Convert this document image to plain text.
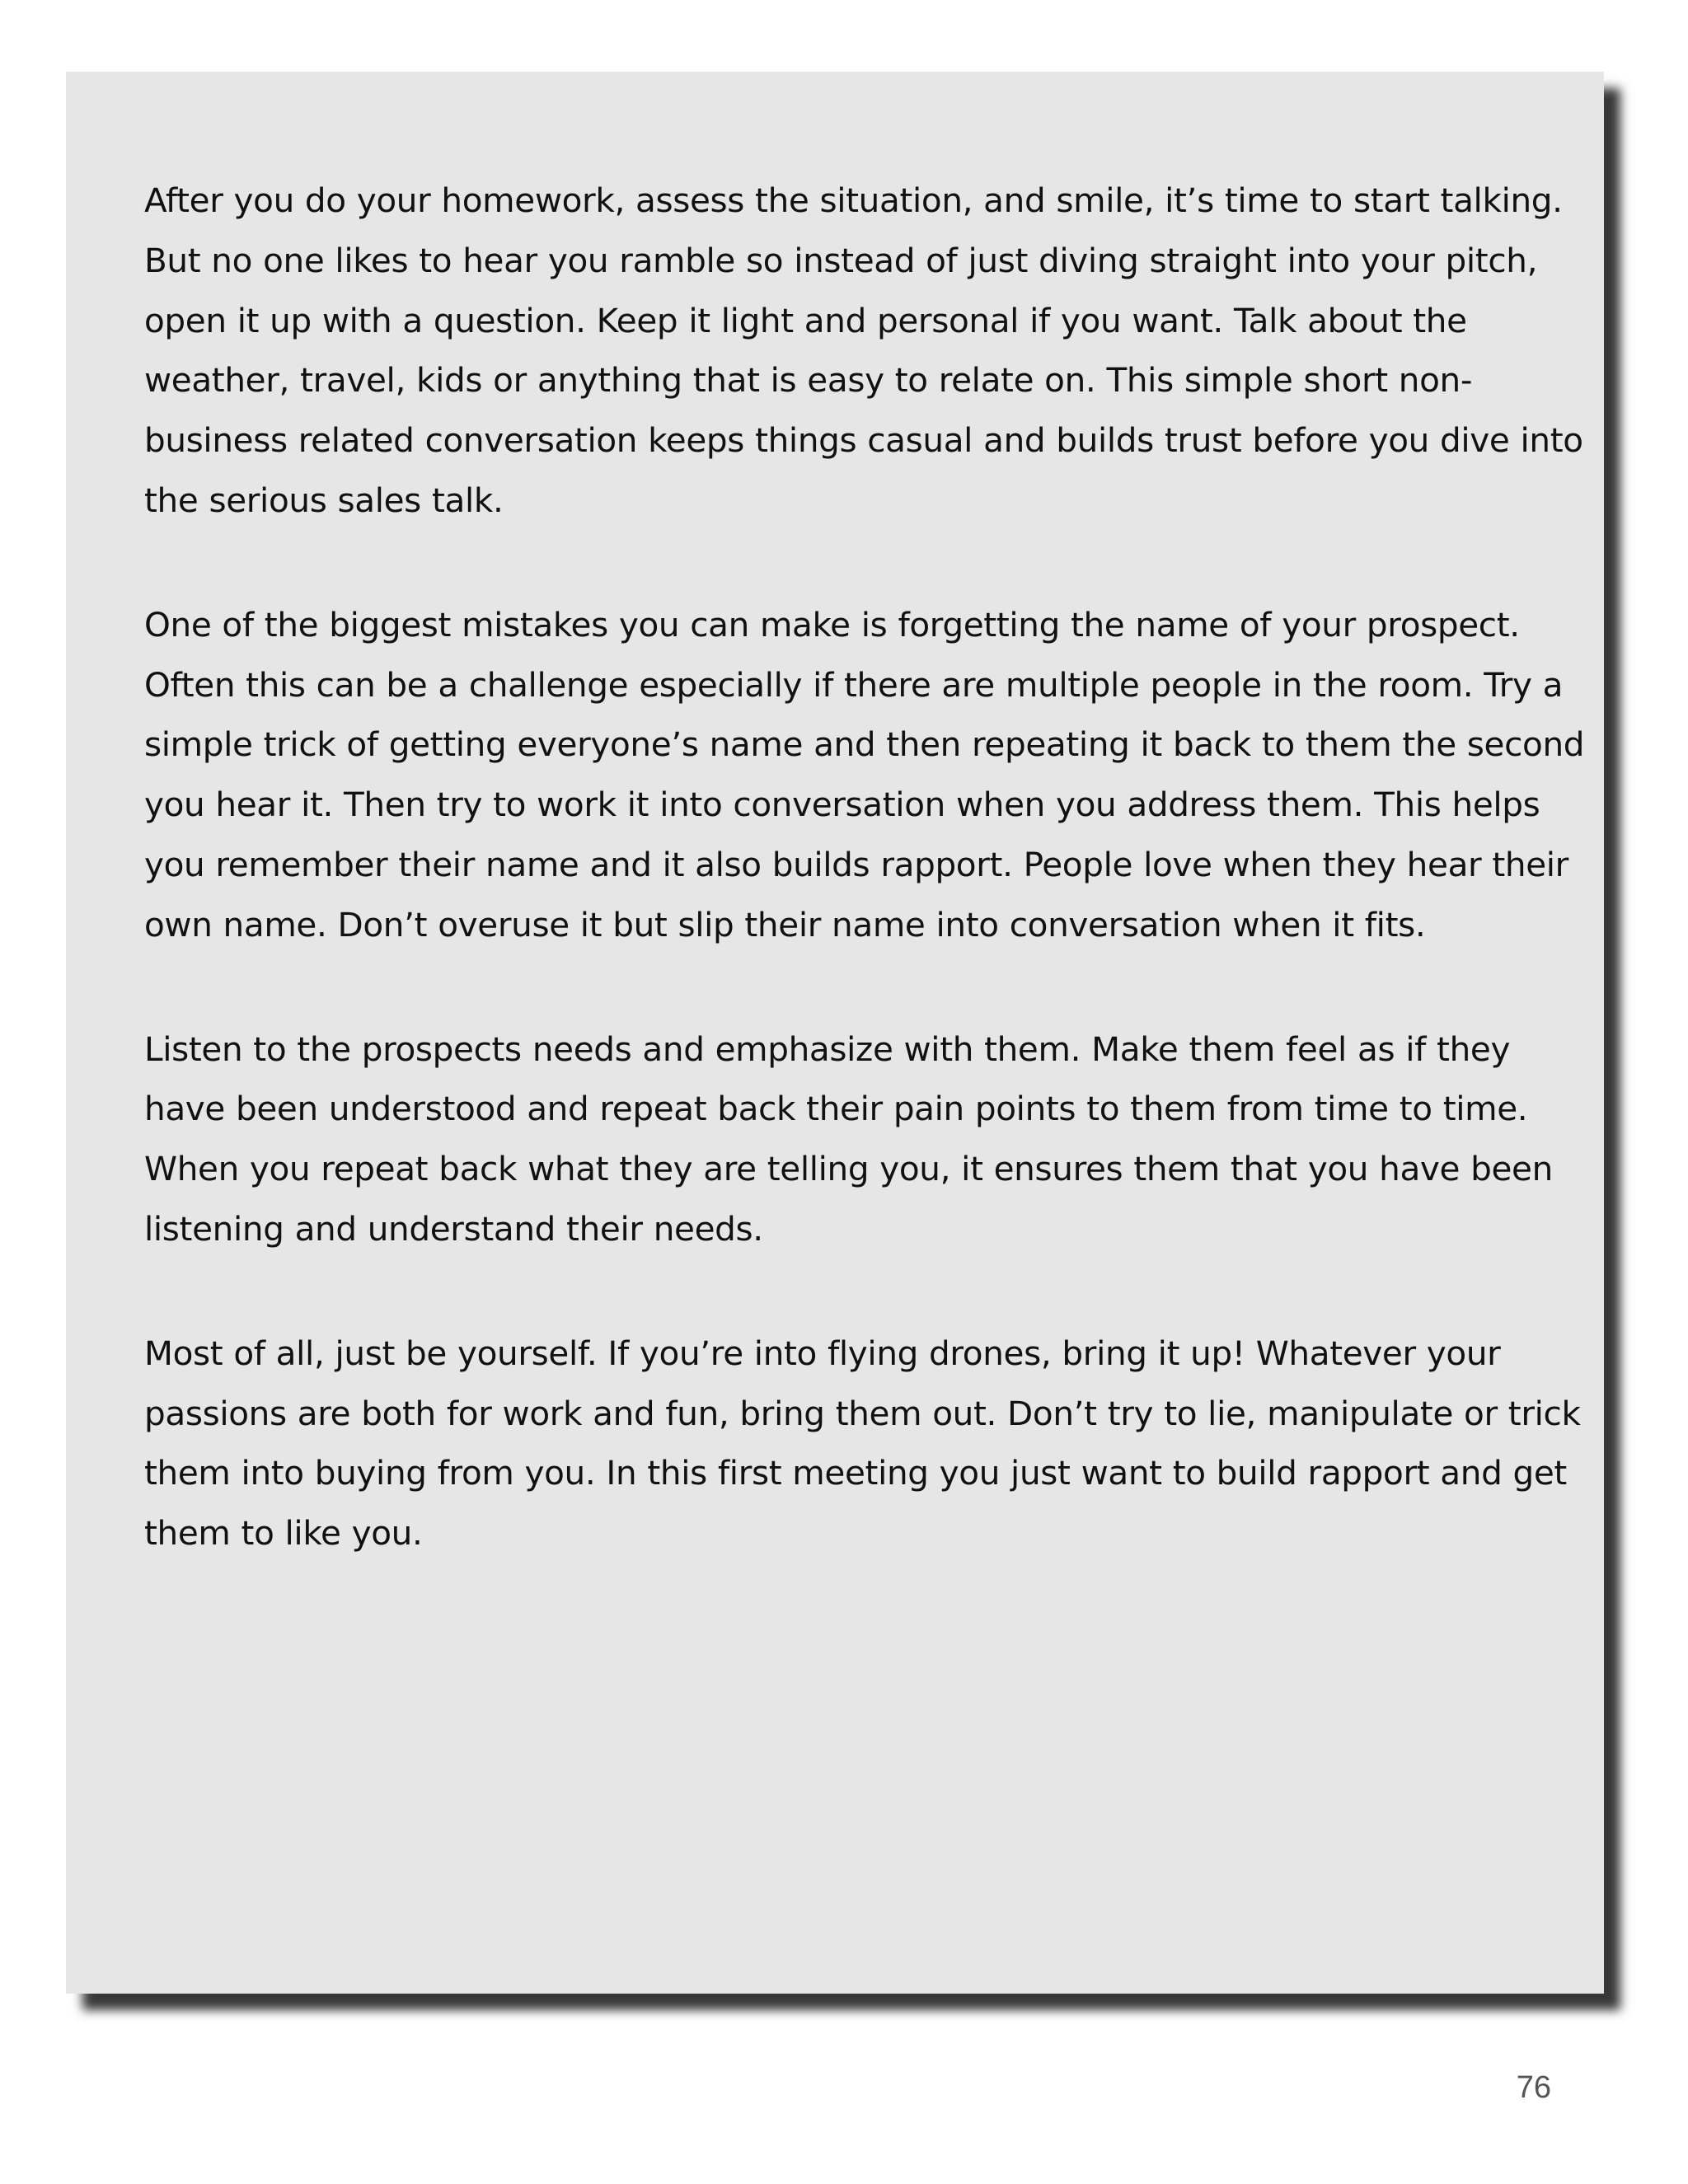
After you do your homework, assess the situation, and smile, it’s time to start talking. But no one likes to hear you ramble so instead of just diving straight into your pitch, open it up with a question. Keep it light and personal if you want. Talk about the weather, travel, kids or anything that is easy to relate on. This simple short non-business related conversation keeps things casual and builds trust before you dive into the serious sales talk.

One of the biggest mistakes you can make is forgetting the name of your prospect. Often this can be a challenge especially if there are multiple people in the room. Try a simple trick of getting everyone’s name and then repeating it back to them the second you hear it. Then try to work it into conversation when you address them. This helps you remember their name and it also builds rapport. People love when they hear their own name. Don’t overuse it but slip their name into conversation when it fits.

Listen to the prospects needs and emphasize with them. Make them feel as if they have been understood and repeat back their pain points to them from time to time. When you repeat back what they are telling you, it ensures them that you have been listening and understand their needs.

Most of all, just be yourself. If you’re into flying drones, bring it up! Whatever your passions are both for work and fun, bring them out. Don’t try to lie, manipulate or trick them into buying from you. In this first meeting you just want to build rapport and get them to like you.

76
